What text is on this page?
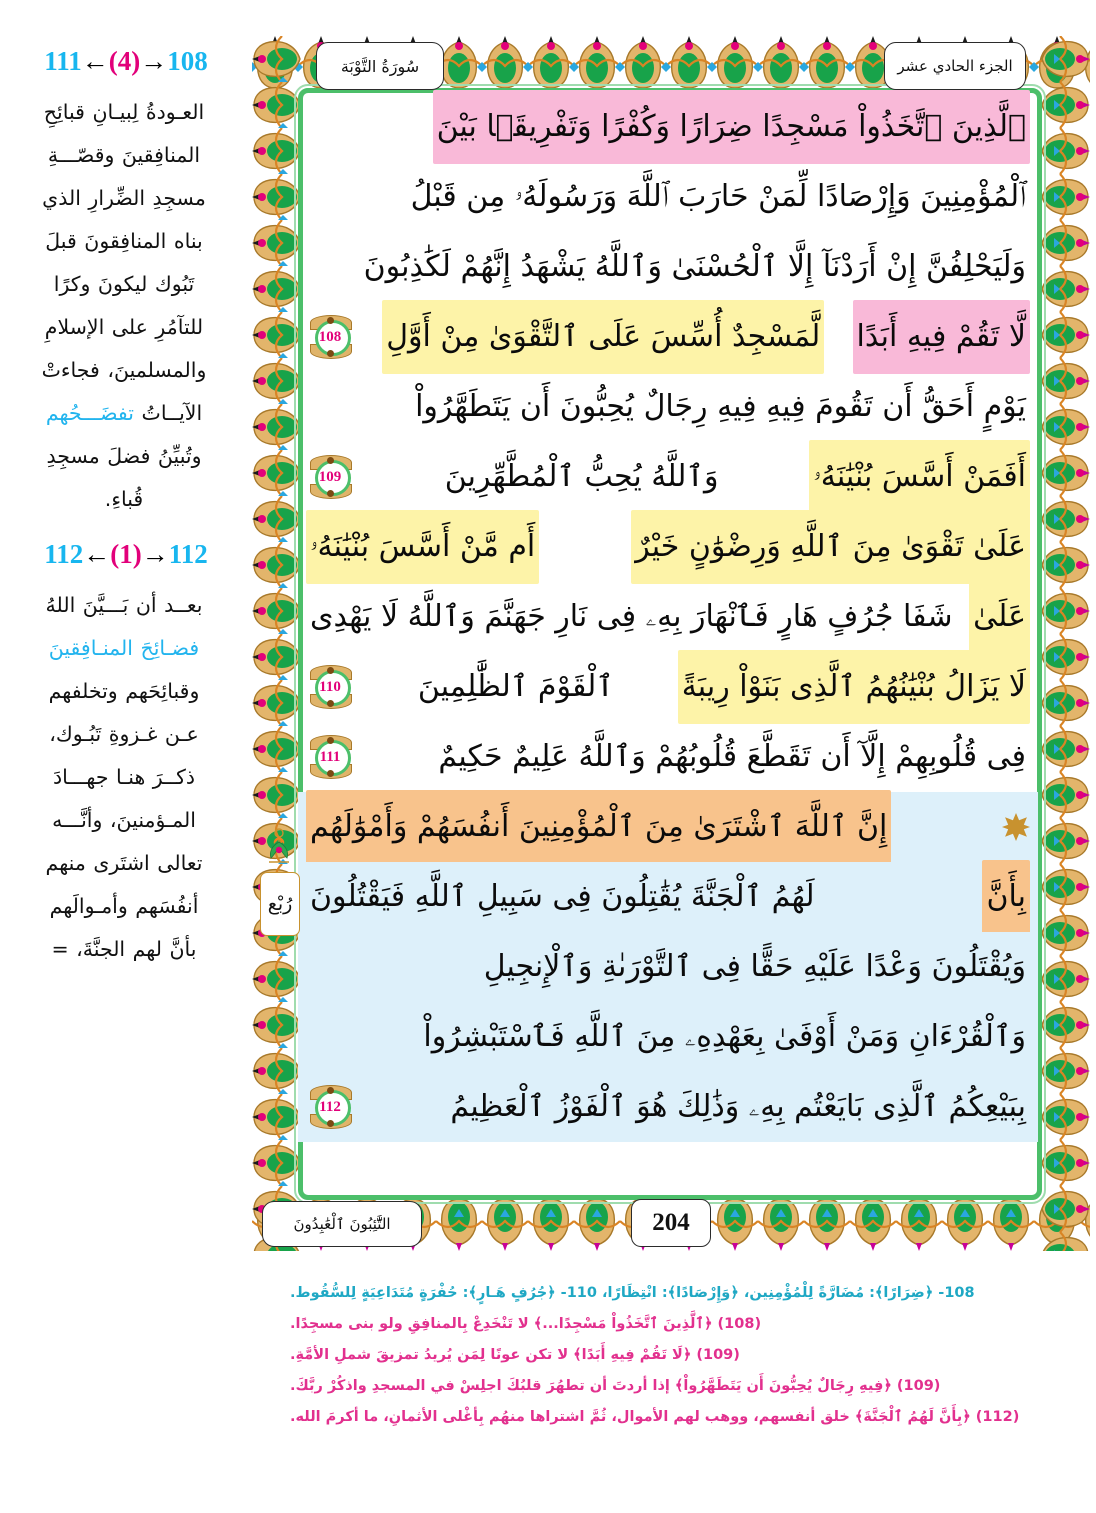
111←(4)→108
العـودةُ لِبيـانِ قبائِحِ
المنافِقينَ وقصّـــةِ
مسجِدِ الضِّرارِ الذي
بناه المنافِقونَ قبلَ
تَبُوك ليكونَ وكرًا
للتآمُرِ على الإسلامِ
والمسلمينَ، فجاءتْ
الآيــاتُ تفضَـــحُهم
وتُبيِّنُ فضلَ مسجِدِ
قُباءِ.
112←(1)→112
بعــد أن بَـــيَّنَ اللهُ
فضـائِحَ المنـافِقينَ
وقبائِحَهم وتخلفهم
عـن غـزوةِ تَبُـوك،
ذكــرَ هنـا جهـــادَ
المـؤمنينَ، وأنَّـــه
تعالى اشتَرى منهم
أنفُسَهم وأمـوالَهم
بأنَّ لهم الجنَّةَ، =
رُبْع
سُورَةُ التَّوْبَة	الجزء الحادي عشر
التَّٰٓئِبُونَ ٱلْعَٰبِدُونَ	204
ٱلَّذِينَ ٱتَّخَذُواْ مَسْجِدًا ضِرَارًا وَكُفْرًا وَتَفْرِيقَۢا بَيْنَ
ٱلْمُؤْمِنِينَ وَإِرْصَادًا لِّمَنْ حَارَبَ ٱللَّهَ وَرَسُولَهُۥ مِن قَبْلُ
وَلَيَحْلِفُنَّ إِنْ أَرَدْنَآ إِلَّا ٱلْحُسْنَىٰ وَٱللَّهُ يَشْهَدُ إِنَّهُمْ لَكَٰذِبُونَ
لَّا تَقُمْ فِيهِ أَبَدًا
لَّمَسْجِدٌ أُسِّسَ عَلَى ٱلتَّقْوَىٰ مِنْ أَوَّلِ
108
يَوْمٍ أَحَقُّ أَن تَقُومَ فِيهِ فِيهِ رِجَالٌ يُحِبُّونَ أَن يَتَطَهَّرُواْ
أَفَمَنْ أَسَّسَ بُنْيَٰنَهُۥ
وَٱللَّهُ يُحِبُّ ٱلْمُطَّهِّرِينَ
109
عَلَىٰ تَقْوَىٰ مِنَ ٱللَّهِ وَرِضْوَٰنٍ خَيْرٌ
أَم مَّنْ أَسَّسَ بُنْيَٰنَهُۥ
عَلَىٰ
شَفَا جُرُفٍ هَارٍ فَٱنْهَارَ بِهِۦ فِى نَارِ جَهَنَّمَ وَٱللَّهُ لَا يَهْدِى
لَا يَزَالُ بُنْيَٰنُهُمُ ٱلَّذِى بَنَوْاْ رِيبَةً
ٱلْقَوْمَ ٱلظَّٰلِمِينَ
110
فِى قُلُوبِهِمْ إِلَّآ أَن تَقَطَّعَ قُلُوبُهُمْ وَٱللَّهُ عَلِيمٌ حَكِيمٌ
111
إِنَّ ٱللَّهَ ٱشْتَرَىٰ مِنَ ٱلْمُؤْمِنِينَ أَنفُسَهُمْ وَأَمْوَٰلَهُم
بِأَنَّ
لَهُمُ ٱلْجَنَّةَ يُقَٰتِلُونَ فِى سَبِيلِ ٱللَّهِ فَيَقْتُلُونَ
وَيُقْتَلُونَ وَعْدًا عَلَيْهِ حَقًّا فِى ٱلتَّوْرَىٰةِ وَٱلْإِنجِيلِ
وَٱلْقُرْءَانِ وَمَنْ أَوْفَىٰ بِعَهْدِهِۦ مِنَ ٱللَّهِ فَٱسْتَبْشِرُواْ
بِبَيْعِكُمُ ٱلَّذِى بَايَعْتُم بِهِۦ وَذَٰلِكَ هُوَ ٱلْفَوْزُ ٱلْعَظِيمُ
112
108- ﴿ضِرَارًا﴾: مُضَارَّةً لِلْمُؤْمِنِين، ﴿وَإِرْصَادًا﴾: انْتِظَارًا، 110- ﴿جُرُفٍ هَـارٍ﴾: حُفْرَةٍ مُتَدَاعِيَةٍ لِلسُّقُوط.
(108) ﴿ٱلَّذِينَ ٱتَّخَذُواْ مَسْجِدًا...﴾ لا تَنْخَدِعْ بِالمنافِقِ ولو بنى مسجِدًا.
(109) ﴿لَا تَقُمْ فِيهِ أَبَدًا﴾ لا تكن عونًا لِمَن يُريدُ تمزيقَ شملِ الأمَّةِ.
(109) ﴿فِيهِ رِجَالٌ يُحِبُّونَ أَن يَتَطَهَّرُواْ﴾ إذا أردتَ أن تطهُرَ قلبُكَ اجلِسْ في المسجدِ واذكُرْ ربَّكَ.
(112) ﴿بِأَنَّ لَهُمُ ٱلْجَنَّةَ﴾ خلق أنفسهم، ووهب لهم الأموال، ثُمَّ اشتراها منهُم بِأغْلى الأثمانِ، ما أكرمَ الله.
